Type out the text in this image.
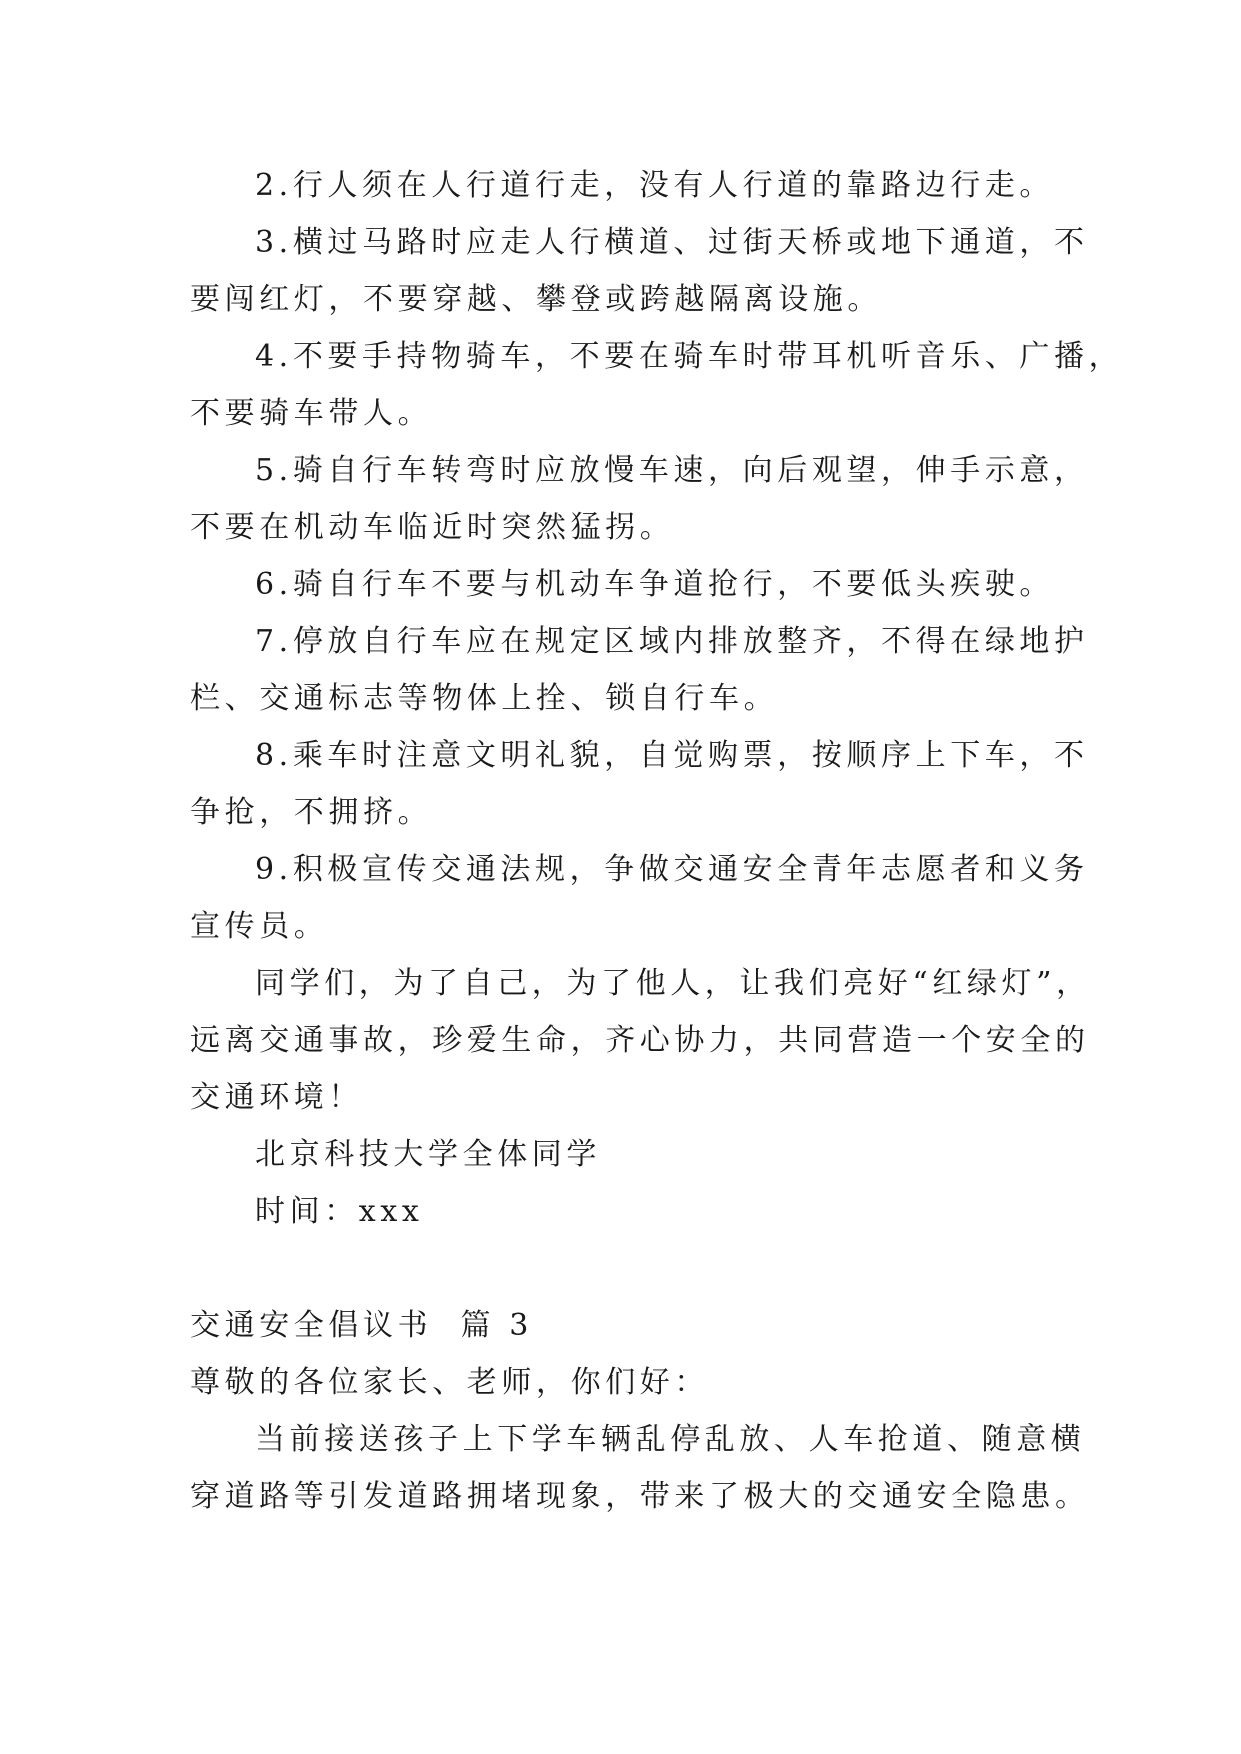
2.行人须在人行道行走，没有人行道的靠路边行走。
3.横过马路时应走人行横道、过街天桥或地下通道，不
要闯红灯，不要穿越、攀登或跨越隔离设施。
4.不要手持物骑车，不要在骑车时带耳机听音乐、广播，
不要骑车带人。
5.骑自行车转弯时应放慢车速，向后观望，伸手示意，
不要在机动车临近时突然猛拐。
6.骑自行车不要与机动车争道抢行，不要低头疾驶。
7.停放自行车应在规定区域内排放整齐，不得在绿地护
栏、交通标志等物体上拴、锁自行车。
8.乘车时注意文明礼貌，自觉购票，按顺序上下车，不
争抢，不拥挤。
9.积极宣传交通法规，争做交通安全青年志愿者和义务
宣传员。
同学们，为了自己，为了他人，让我们亮好“红绿灯”，
远离交通事故，珍爱生命，齐心协力，共同营造一个安全的
交通环境！
北京科技大学全体同学
时间：xxx
交通安全倡议书  篇 3
尊敬的各位家长、老师，你们好：
当前接送孩子上下学车辆乱停乱放、人车抢道、随意横
穿道路等引发道路拥堵现象，带来了极大的交通安全隐患。
